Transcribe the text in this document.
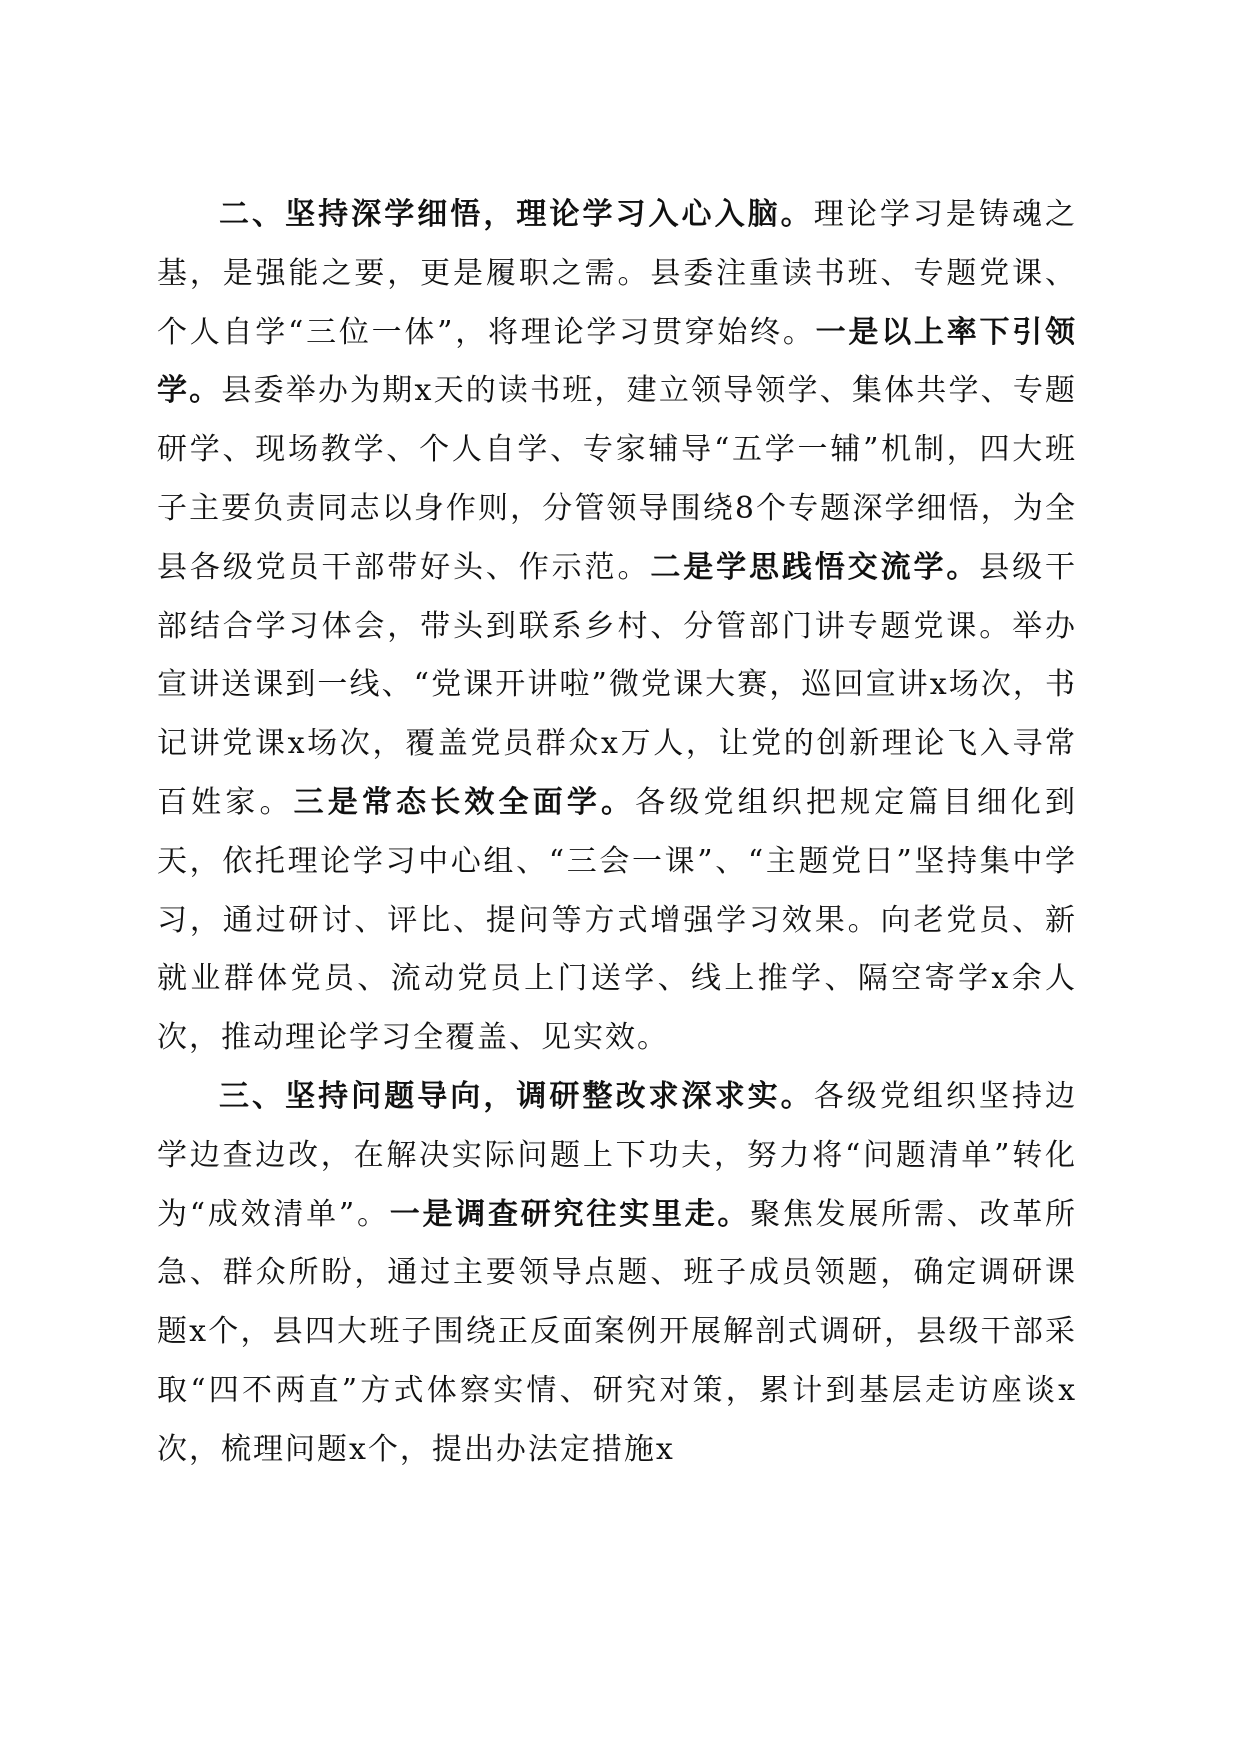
二、坚持深学细悟，理论学习入心入脑。理论学习是铸魂之基，是强能之要，更是履职之需。县委注重读书班、专题党课、个人自学“三位一体”，将理论学习贯穿始终。一是以上率下引领学。县委举办为期x天的读书班，建立领导领学、集体共学、专题研学、现场教学、个人自学、专家辅导“五学一辅”机制，四大班子主要负责同志以身作则，分管领导围绕8个专题深学细悟，为全县各级党员干部带好头、作示范。二是学思践悟交流学。县级干部结合学习体会，带头到联系乡村、分管部门讲专题党课。举办宣讲送课到一线、“党课开讲啦”微党课大赛，巡回宣讲x场次，书记讲党课x场次，覆盖党员群众x万人，让党的创新理论飞入寻常百姓家。三是常态长效全面学。各级党组织把规定篇目细化到天，依托理论学习中心组、“三会一课”、“主题党日”坚持集中学习，通过研讨、评比、提问等方式增强学习效果。向老党员、新就业群体党员、流动党员上门送学、线上推学、隔空寄学x余人次，推动理论学习全覆盖、见实效。

三、坚持问题导向，调研整改求深求实。各级党组织坚持边学边查边改，在解决实际问题上下功夫，努力将“问题清单”转化为“成效清单”。一是调查研究往实里走。聚焦发展所需、改革所急、群众所盼，通过主要领导点题、班子成员领题，确定调研课题x个，县四大班子围绕正反面案例开展解剖式调研，县级干部采取“四不两直”方式体察实情、研究对策，累计到基层走访座谈x次，梳理问题x个，提出办法定措施x
